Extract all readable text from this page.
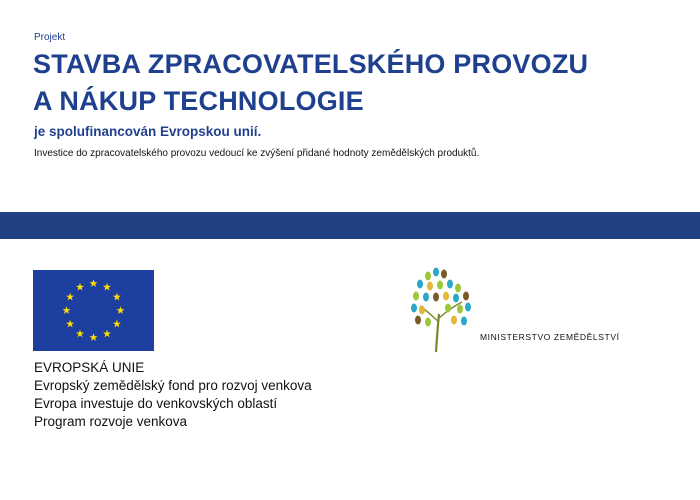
Projekt
STAVBA ZPRACOVATELSKÉHO PROVOZU
A NÁKUP TECHNOLOGIE
je spolufinancován Evropskou unií.
Investice do zpracovatelského provozu vedoucí ke zvýšení přidané hodnoty zemědělských produktů.
EVROPSKÁ UNIE
Evropský zemědělský fond pro rozvoj venkova
Evropa investuje do venkovských oblastí
Program rozvoje venkova
MINISTERSTVO ZEMĚDĚLSTVÍ
